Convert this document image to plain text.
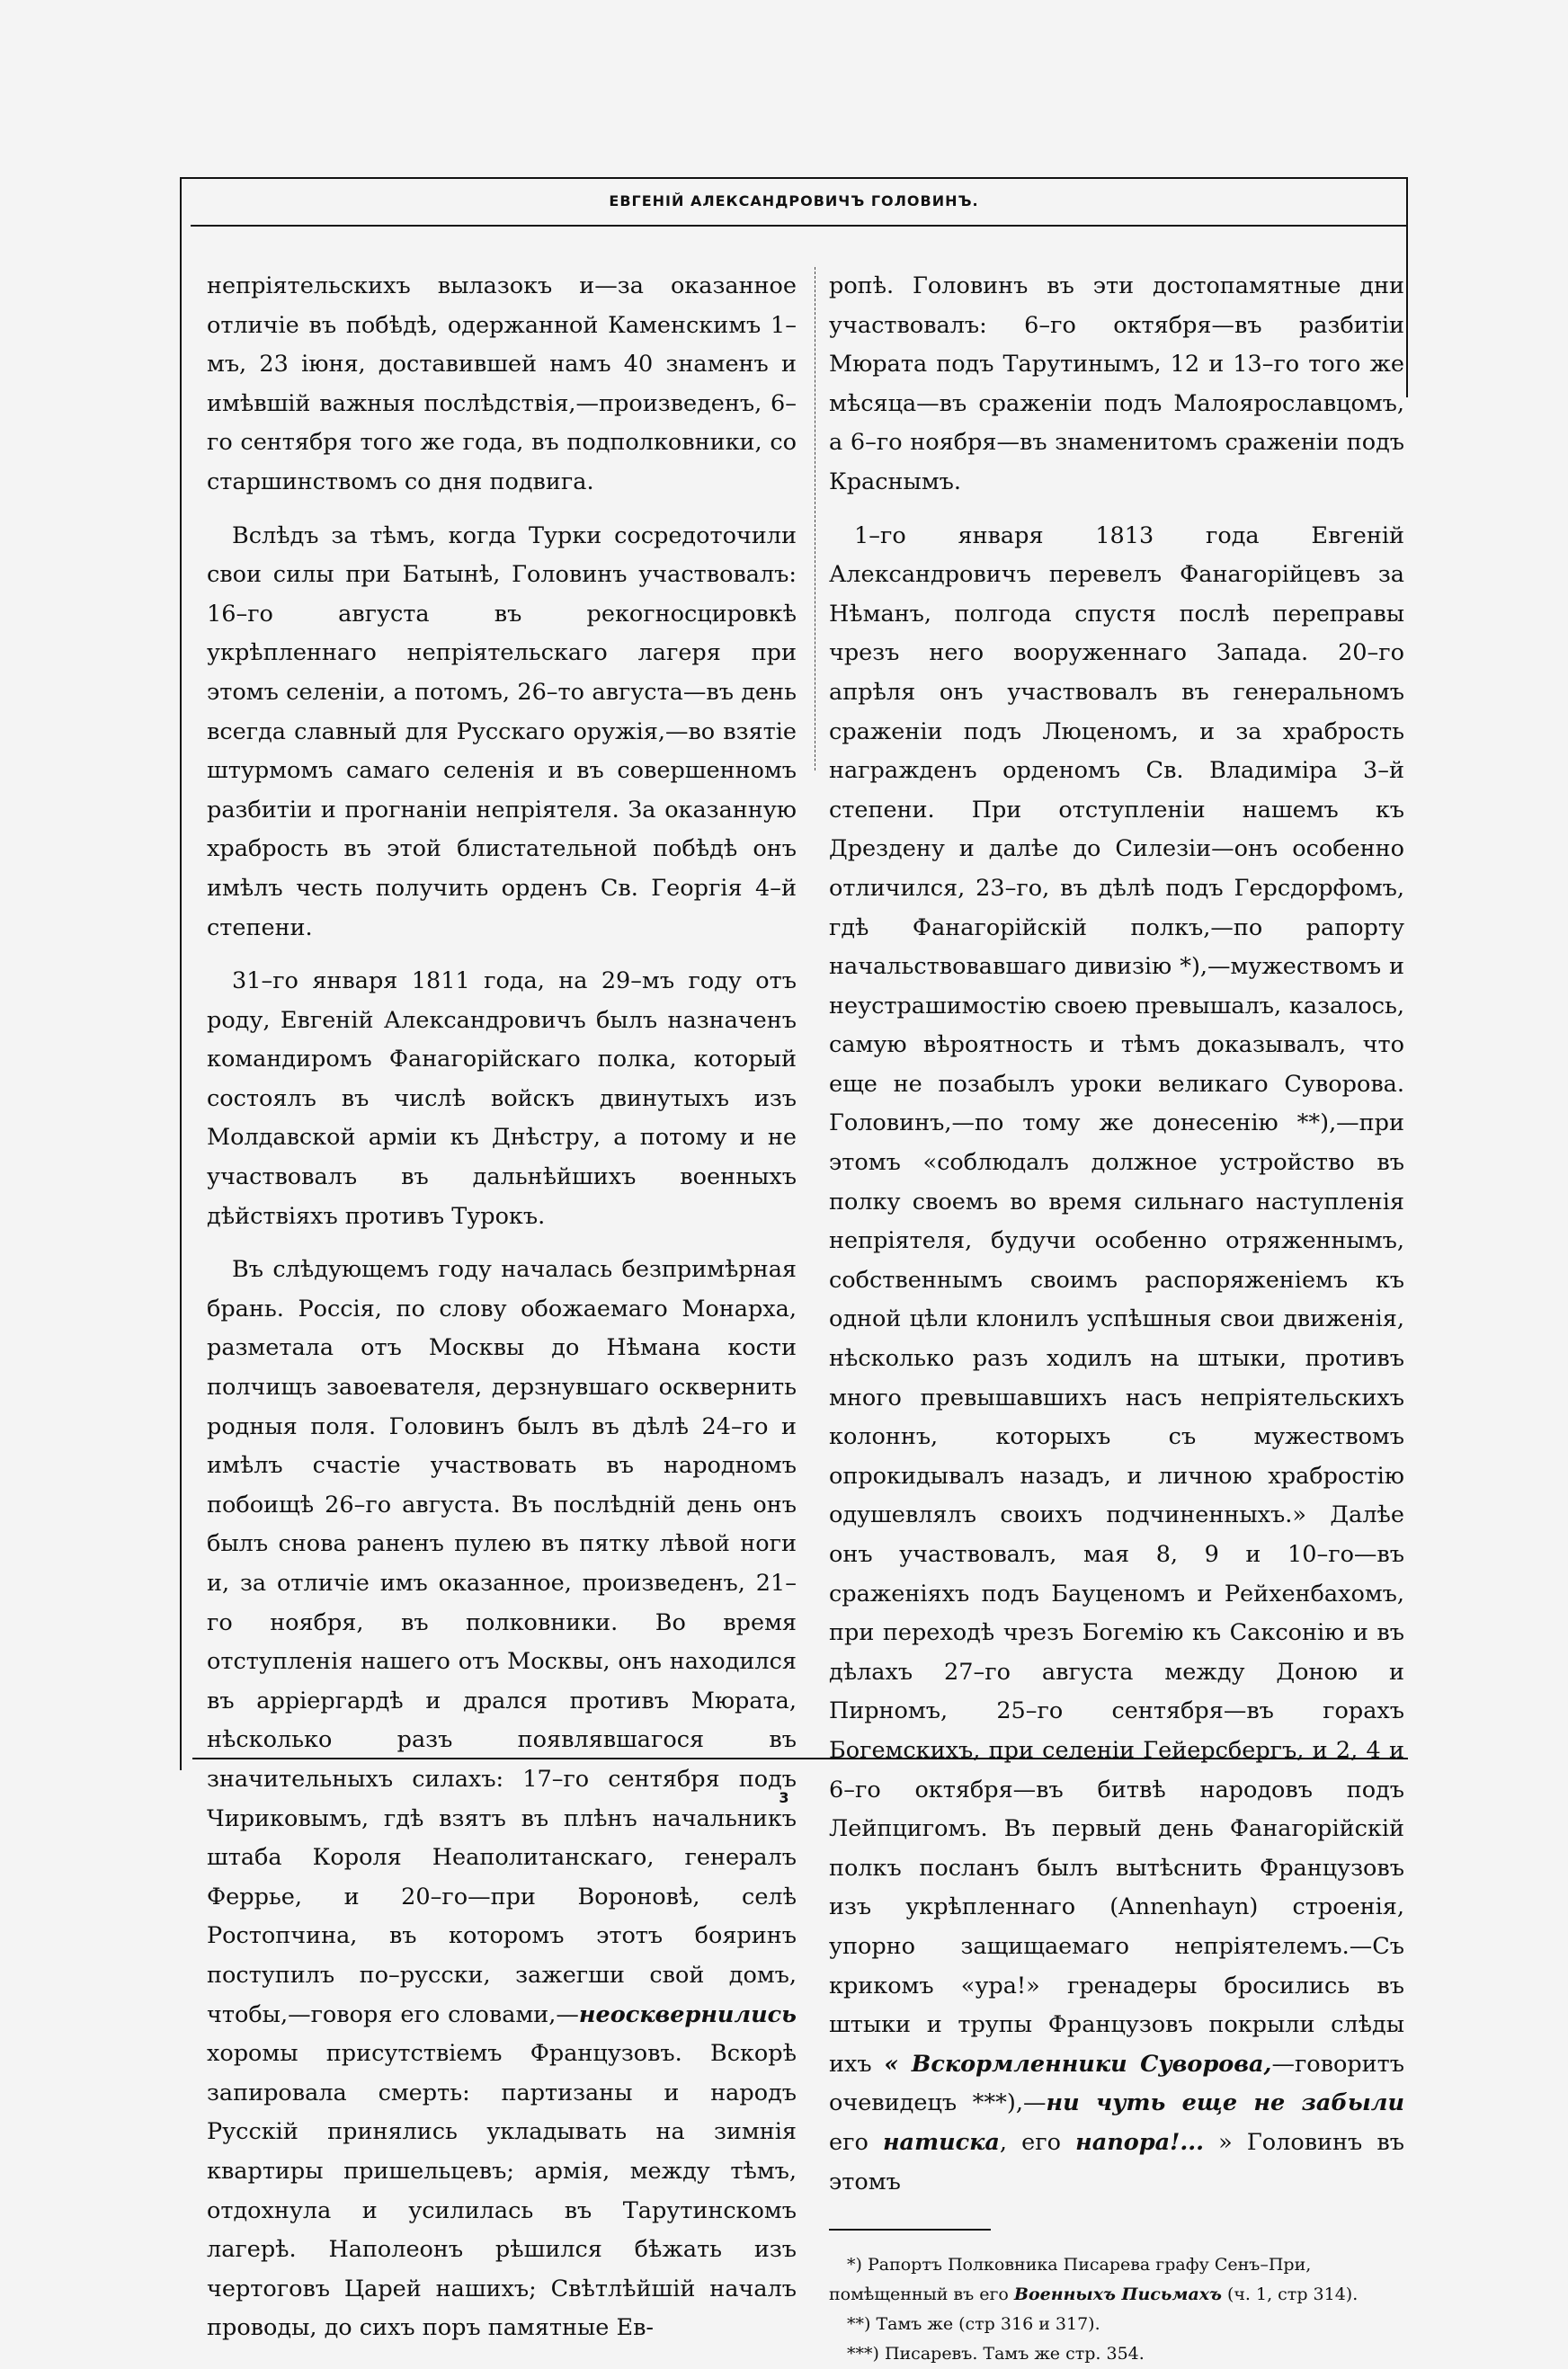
ЕВГЕНІЙ АЛЕКСАНДРОВИЧЪ ГОЛОВИНЪ.

непріятельскихъ вылазокъ и—за оказанное отличіе въ побѣдѣ, одержанной Каменскимъ 1–мъ, 23 іюня, доставившей намъ 40 знаменъ и имѣвшій важныя послѣдствія,—произведенъ, 6–го сентября того же года, въ подполковники, со старшинствомъ со дня подвига.

Вслѣдъ за тѣмъ, когда Турки сосредоточили свои силы при Батынѣ, Головинъ участвовалъ: 16–го августа въ рекогносцировкѣ укрѣпленнаго непріятельскаго лагеря при этомъ селеніи, а потомъ, 26–то августа—въ день всегда славный для Русскаго оружія,—во взятіе штурмомъ самаго селенія и въ совершенномъ разбитіи и прогнаніи непріятеля. За оказанную храбрость въ этой блистательной побѣдѣ онъ имѣлъ честь получить орденъ Св. Георгія 4–й степени.

31–го января 1811 года, на 29–мъ году отъ роду, Евгеній Александровичъ былъ назначенъ командиромъ Фанагорійскаго полка, который состоялъ въ числѣ войскъ двинутыхъ изъ Молдавской арміи къ Днѣстру, а потому и не участвовалъ въ дальнѣйшихъ военныхъ дѣйствіяхъ противъ Турокъ.

Въ слѣдующемъ году началась безпримѣрная брань. Россія, по слову обожаемаго Монарха, разметала отъ Москвы до Нѣмана кости полчищъ завоевателя, дерзнувшаго осквернить родныя поля. Головинъ былъ въ дѣлѣ 24–го и имѣлъ счастіе участвовать въ народномъ побоищѣ 26–го августа. Въ послѣдній день онъ былъ снова раненъ пулею въ пятку лѣвой ноги и, за отличіе имъ оказанное, произведенъ, 21–го ноября, въ полковники. Во время отступленія нашего отъ Москвы, онъ находился въ аррiергардѣ и дрался противъ Мюрата, нѣсколько разъ появлявшагося въ значительныхъ силахъ: 17–го сентября подъ Чириковымъ, гдѣ взятъ въ плѣнъ начальникъ штаба Короля Неаполитанскаго, генералъ Феррье, и 20–го—при Вороновѣ, селѣ Ростопчина, въ которомъ этотъ бояринъ поступилъ по–русски, зажегши свой домъ, чтобы,—говоря его словами,—неосквернились хоромы присутствіемъ Французовъ. Вскорѣ запировала смерть: партизаны и народъ Русскій принялись укладывать на зимнія квартиры пришельцевъ; армія, между тѣмъ, отдохнула и усилилась въ Тарутинскомъ лагерѣ. Наполеонъ рѣшился бѣжать изъ чертоговъ Царей нашихъ; Свѣтлѣйшій началъ проводы, до сихъ поръ памятные Ев-

ропѣ. Головинъ въ эти достопамятные дни участвовалъ: 6–го октября—въ разбитіи Мюрата подъ Тарутинымъ, 12 и 13–го того же мѣсяца—въ сраженіи подъ Малоярославцомъ, а 6–го ноября—въ знаменитомъ сраженіи подъ Краснымъ.

1–го января 1813 года Евгеній Александровичъ перевелъ Фанагорійцевъ за Нѣманъ, полгода спустя послѣ переправы чрезъ него вооруженнаго Запада. 20–го апрѣля онъ участвовалъ въ генеральномъ сраженіи подъ Люценомъ, и за храбрость награжденъ орденомъ Св. Владиміра 3–й степени. При отступленіи нашемъ къ Дрездену и далѣе до Силезіи—онъ особенно отличился, 23–го, въ дѣлѣ подъ Герсдорфомъ, гдѣ Фанагорійскій полкъ,—по рапорту начальствовавшаго дивизію *),—мужествомъ и неустрашимостію своею превышалъ, казалось, самую вѣроятность и тѣмъ доказывалъ, что еще не позабылъ уроки великаго Суворова. Головинъ,—по тому же донесенію **),—при этомъ «соблюдалъ должное устройство въ полку своемъ во время сильнаго наступленія непріятеля, будучи особенно отряженнымъ, собственнымъ своимъ распоряженіемъ къ одной цѣли клонилъ успѣшныя свои движенія, нѣсколько разъ ходилъ на штыки, противъ много превышавшихъ насъ непріятельскихъ колоннъ, которыхъ съ мужествомъ опрокидывалъ назадъ, и личною храбростію одушевлялъ своихъ подчиненныхъ.» Далѣе онъ участвовалъ, мая 8, 9 и 10–го—въ сраженіяхъ подъ Бауценомъ и Рейхенбахомъ, при переходѣ чрезъ Богемію къ Саксонію и въ дѣлахъ 27–го августа между Дoною и Пирномъ, 25–го сентября—въ горахъ Богемскихъ, при селеніи Гейерсбергъ, и 2, 4 и 6–го октября—въ битвѣ народовъ подъ Лейпцигомъ. Въ первый день Фанагорійскій полкъ посланъ былъ вытѣснить Французовъ изъ укрѣпленнаго (Annenhayn) строенія, упорно защищаемаго непріятелемъ.—Съ крикомъ «ура!» гренадеры бросились въ штыки и трупы Французовъ покрыли слѣды ихъ « Вскормленники Суворова,—говоритъ очевидецъ ***),—ни чуть еще не забыли его натиска, его напора!... » Головинъ въ этомъ

*) Рапортъ Полковника Писарева графу Сенъ–При, помѣщенный въ его Военныхъ Письмахъ (ч. 1, стр 314).
**) Тамъ же (стр 316 и 317).
***) Писаревъ. Тамъ же стр. 354.
3
